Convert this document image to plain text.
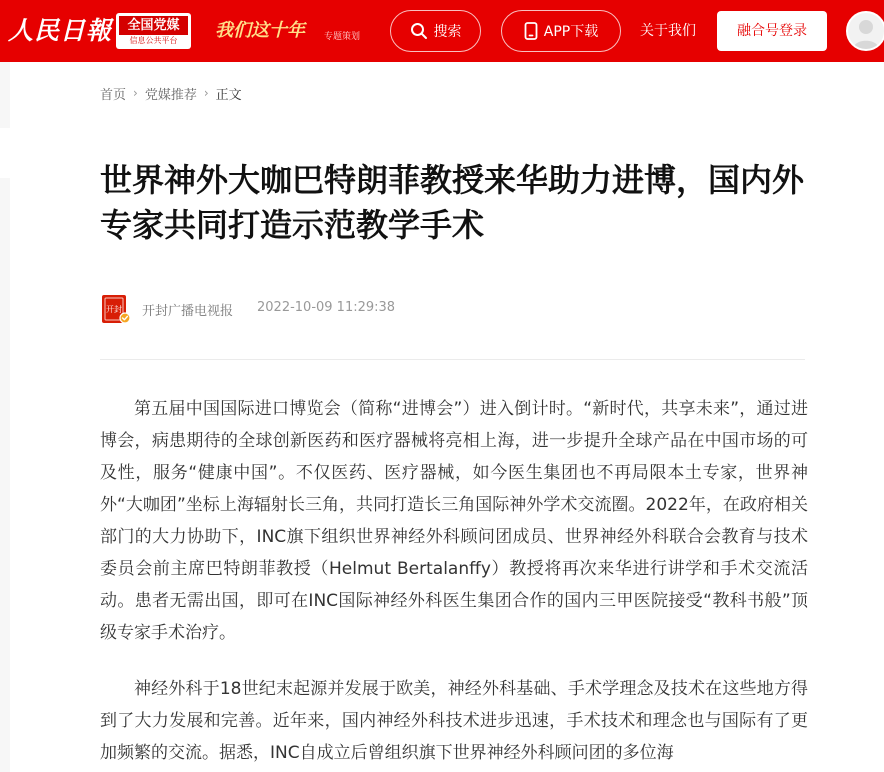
人民日報	全国党媒
信息公共平台	我们这十年 专题策划	搜索	APP下载	关于我们	融合号登录
首页 › 党媒推荐 › 正文
世界神外大咖巴特朗菲教授来华助力进博，国内外专家共同打造示范教学手术
开封 开封广播电视报 2022-10-09 11:29:38

第五届中国国际进口博览会（简称“进博会”）进入倒计时。“新时代，共享未来”，通过进博会，病患期待的全球创新医药和医疗器械将亮相上海，进一步提升全球产品在中国市场的可及性，服务“健康中国”。不仅医药、医疗器械，如今医生集团也不再局限本土专家，世界神外“大咖团”坐标上海辐射长三角，共同打造长三角国际神外学术交流圈。2022年，在政府相关部门的大力协助下，INC旗下组织世界神经外科顾问团成员、世界神经外科联合会教育与技术委员会前主席巴特朗菲教授（Helmut Bertalanffy）教授将再次来华进行讲学和手术交流活动。患者无需出国，即可在INC国际神经外科医生集团合作的国内三甲医院接受“教科书般”顶级专家手术治疗。

神经外科于18世纪末起源并发展于欧美，神经外科基础、手术学理念及技术在这些地方得到了大力发展和完善。近年来，国内神经外科技术进步迅速，手术技术和理念也与国际有了更加频繁的交流。据悉，INC自成立后曾组织旗下世界神经外科顾问团的多位海
